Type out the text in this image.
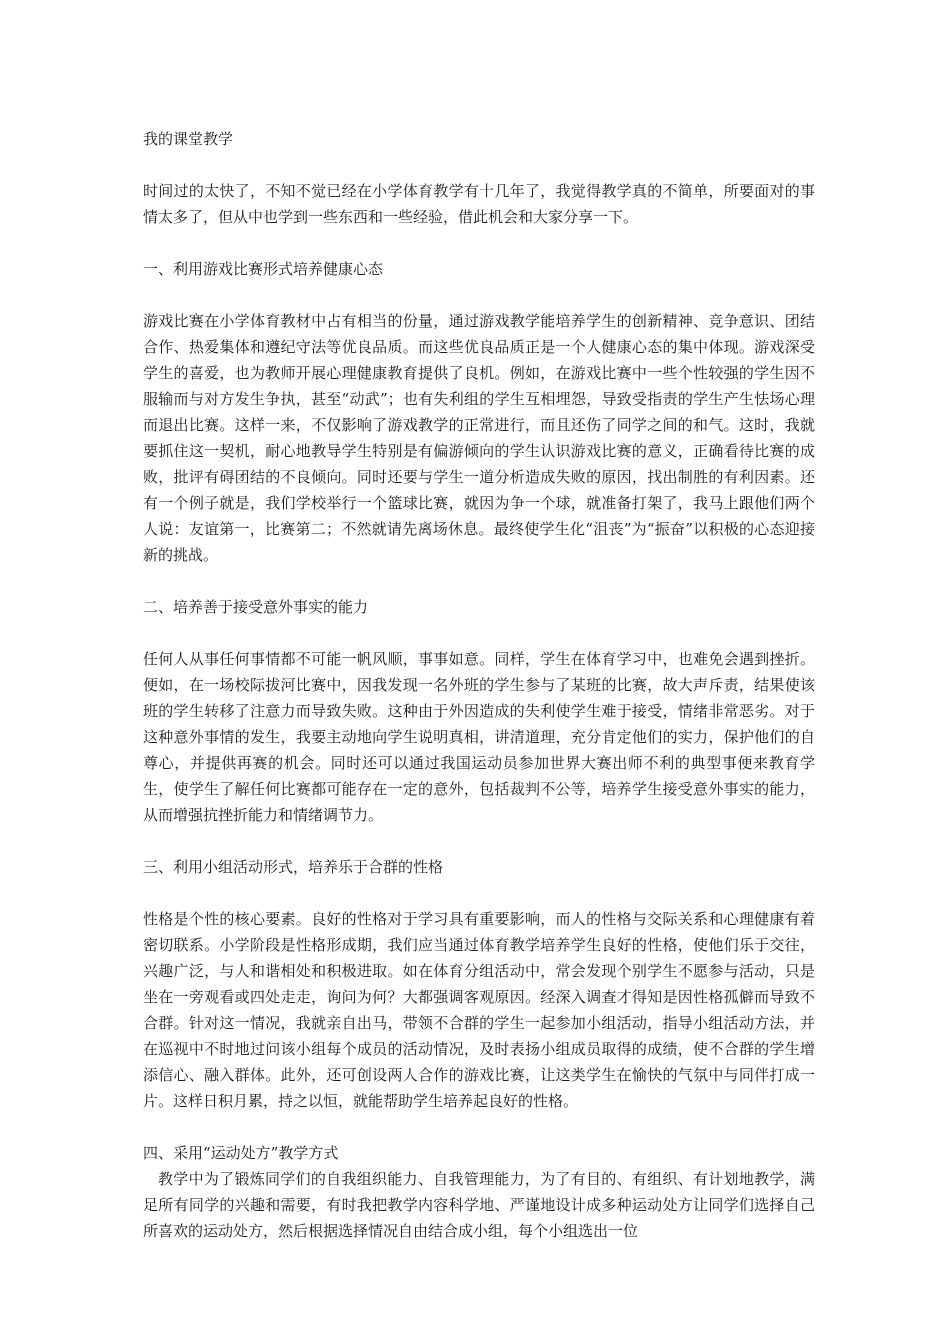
我的课堂教学
时间过的太快了，不知不觉已经在小学体育教学有十几年了，我觉得教学真的不简单，所要面对的事情太多了，但从中也学到一些东西和一些经验，借此机会和大家分享一下。
一、利用游戏比赛形式培养健康心态
游戏比赛在小学体育教材中占有相当的份量，通过游戏教学能培养学生的创新精神、竞争意识、团结合作、热爱集体和遵纪守法等优良品质。而这些优良品质正是一个人健康心态的集中体现。游戏深受学生的喜爱，也为教师开展心理健康教育提供了良机。例如，在游戏比赛中一些个性较强的学生因不服输而与对方发生争执，甚至“动武”；也有失利组的学生互相埋怨，导致受指责的学生产生怯场心理而退出比赛。这样一来，不仅影响了游戏教学的正常进行，而且还伤了同学之间的和气。这时，我就要抓住这一契机，耐心地教导学生特别是有偏游倾向的学生认识游戏比赛的意义，正确看待比赛的成败，批评有碍团结的不良倾向。同时还要与学生一道分析造成失败的原因，找出制胜的有利因素。还有一个例子就是，我们学校举行一个篮球比赛，就因为争一个球，就准备打架了，我马上跟他们两个人说：友谊第一，比赛第二；不然就请先离场休息。最终使学生化“沮丧”为“振奋”以积极的心态迎接新的挑战。
二、培养善于接受意外事实的能力
任何人从事任何事情都不可能一帆风顺，事事如意。同样，学生在体育学习中，也难免会遇到挫折。便如，在一场校际拔河比赛中，因我发现一名外班的学生参与了某班的比赛，故大声斥责，结果使该班的学生转移了注意力而导致失败。这种由于外因造成的失利使学生难于接受，情绪非常恶劣。对于这种意外事情的发生，我要主动地向学生说明真相，讲清道理，充分肯定他们的实力，保护他们的自尊心，并提供再赛的机会。同时还可以通过我国运动员参加世界大赛出师不利的典型事便来教育学生，使学生了解任何比赛都可能存在一定的意外，包括裁判不公等，培养学生接受意外事实的能力，从而增强抗挫折能力和情绪调节力。
三、利用小组活动形式，培养乐于合群的性格
性格是个性的核心要素。良好的性格对于学习具有重要影响，而人的性格与交际关系和心理健康有着密切联系。小学阶段是性格形成期，我们应当通过体育教学培养学生良好的性格，使他们乐于交往，兴趣广泛，与人和谐相处和积极进取。如在体育分组活动中，常会发现个别学生不愿参与活动，只是坐在一旁观看或四处走走，询问为何？大都强调客观原因。经深入调查才得知是因性格孤僻而导致不合群。针对这一情况，我就亲自出马，带领不合群的学生一起参加小组活动，指导小组活动方法，并在巡视中不时地过问该小组每个成员的活动情况，及时表扬小组成员取得的成绩，使不合群的学生增添信心、融入群体。此外，还可创设两人合作的游戏比赛，让这类学生在愉快的气氛中与同伴打成一片。这样日积月累，持之以恒，就能帮助学生培养起良好的性格。
四、采用“运动处方”教学方式
教学中为了锻炼同学们的自我组织能力、自我管理能力，为了有目的、有组织、有计划地教学，满足所有同学的兴趣和需要，有时我把教学内容科学地、严谨地设计成多种运动处方让同学们选择自己所喜欢的运动处方，然后根据选择情况自由结合成小组，每个小组选出一位
